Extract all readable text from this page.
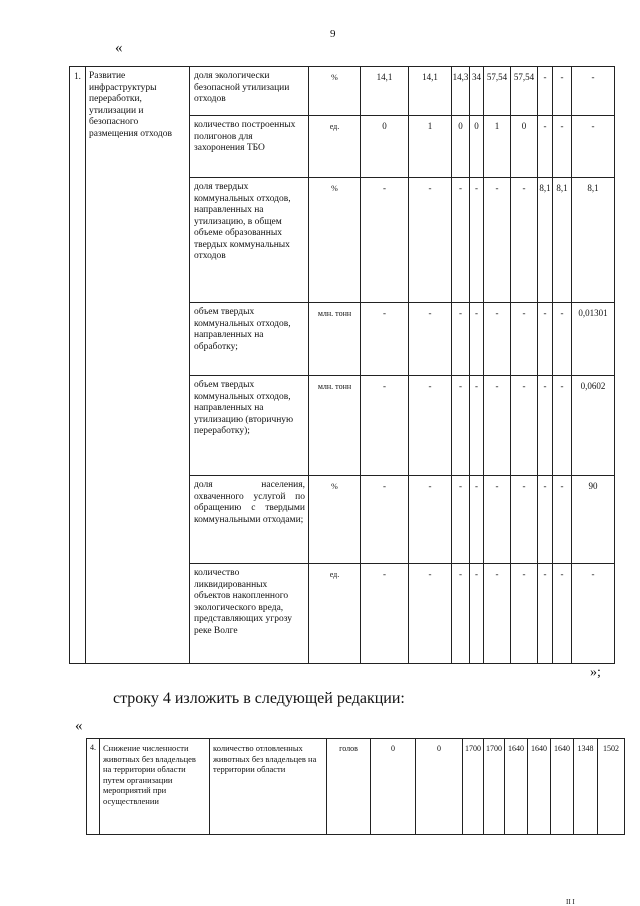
9
«
1.	Развитие инфраструктуры переработки, утилизации и безопасного размещения отходов	доля экологически безопасной утилизации отходов	%	14,1	14,1	14,3	34	57,54	57,54	-	-	-
		количество построенных полигонов для захоронения ТБО	ед.	0	1	0	0	1	0	-	-	-
		доля твердых коммунальных отходов, направленных на утилизацию, в общем объеме образованных твердых коммунальных отходов	%	-	-	-	-	-	-	8,1	8,1	8,1
		объем твердых коммунальных отходов, направленных на обработку;	млн. тонн	-	-	-	-	-	-	-	-	0,01301
		объем твердых коммунальных отходов, направленных на утилизацию (вторичную переработку);	млн. тонн	-	-	-	-	-	-	-	-	0,0602
		доля населения, охваченного услугой по обращению с твердыми коммунальными отходами;	%	-	-	-	-	-	-	-	-	90
		количество ликвидированных объектов накопленного экологического вреда, представляющих угрозу реке Волге	ед.	-	-	-	-	-	-	-	-	-
»;
строку 4 изложить в следующей редакции:
«
4.	Снижение численности животных без владельцев на территории области путем организации мероприятий при осуществлении	количество отловленных животных без владельцев на территории области	голов	0	0	1700	1700	1640	1640	1640	1348	1502
II I
